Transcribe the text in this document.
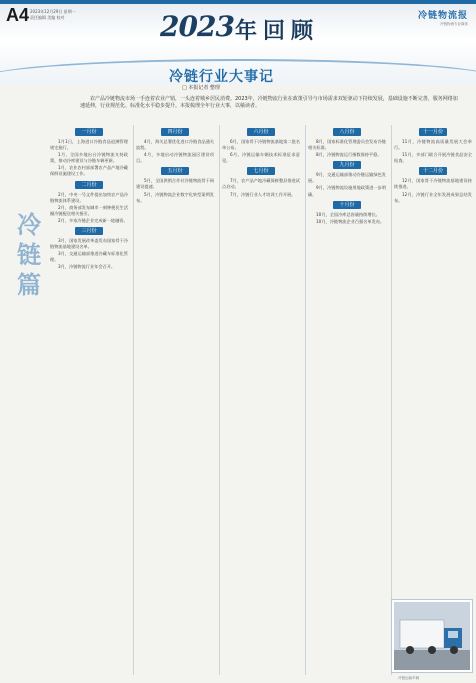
A4 2023年12月29日 星期一
责任编辑 美编 校对	冷链物流报
冷链物流专业媒体
2023 年回顾
冷链行业大事记
□ 本报记者 整理
冷链篇

农产品冷链物流市场一手连着农业产销，一头连着城乡居民消费。2023年，冷链物流行业在政策引导与市场需求双轮驱动下持续发展，基础设施不断完善，服务网络加速延伸，行业规范化、标准化水平稳步提升。本报梳理全年行业大事，以飨读者。

一月份

1月1日，上海进口冷链食品追溯管理规定施行。

1月，全国多地出台冷链物流支持政策，推动冷库建设与冷链车辆更新。

1月，农业农村部部署农产品产地冷藏保鲜设施建设工作。

二月份

2月，中央一号文件提出加快农产品冷链物流体系建设。

2月，商务部发布城市一刻钟便民生活圈冷链配送相关指引。

2月，多家冷链企业完成新一轮融资。

三月份

3月，国家发展改革委发布国家骨干冷链物流基地建设名单。

3月，交通运输部推进冷藏车标准化管理。

3月，冷链物流行业年会召开。

四月份

4月，海关总署优化进口冷链食品通关流程。

4月，多地启动冷链物流园区建设项目。

五月份

5月，全国供销合作社冷链物流骨干网建设提速。

5月，冷链物流企业数字化转型案例发布。

六月份

6月，国家骨干冷链物流基地第二批名单公布。

6月，冷链运输车辆技术标准征求意见。

七月份

7月，农产品产地冷藏保鲜整县推进试点启动。

7月，冷链行业人才培训工作开展。

八月份

8月，国家标准化管理委员会发布冷链相关标准。

8月，冷链物流运行指数保持平稳。

九月份

9月，交通运输部推动冷链运输绿色发展。

9月，冷链物流设施用地政策进一步明确。

十月份

10月，全国冷库总容量持续增长。

10月，冷链物流企业百强名单发布。

十一月份

11月，冷链物流高质量发展大会举行。

11月，多部门联合开展冷链食品安全检查。

十二月份

12月，国家骨干冷链物流基地建设持续推进。

12月，冷链行业全年发展成果总结发布。

冷链运输车辆
